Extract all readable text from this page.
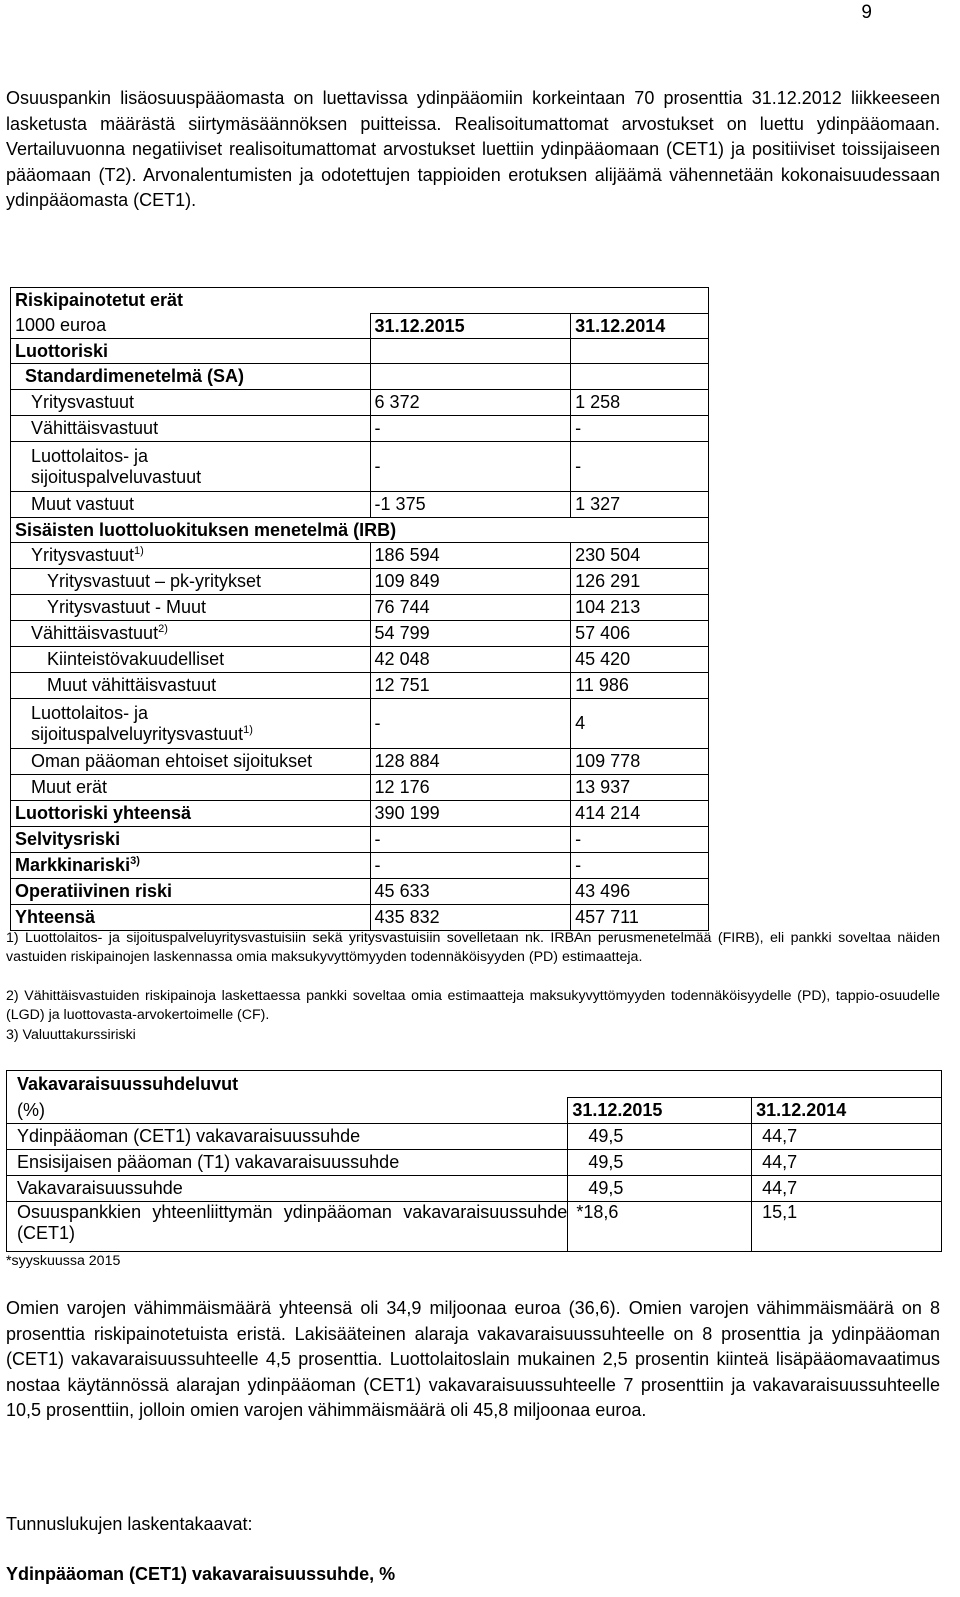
9

Osuuspankin lisäosuuspääomasta on luettavissa ydinpääomiin korkeintaan 70 prosenttia 31.12.2012 liikkeeseen lasketusta määrästä siirtymäsäännöksen puitteissa. Realisoitumattomat arvostukset on luettu ydinpääomaan. Vertailuvuonna negatiiviset realisoitumattomat arvostukset luettiin ydinpääomaan (CET1) ja positiiviset toissijaiseen pääomaan (T2). Arvonalentumisten ja odotettujen tappioiden erotuksen alijäämä vähennetään kokonaisuudessaan ydinpääomasta (CET1).

Riskipainotetut erät		
1000 euroa	31.12.2015	31.12.2014
Luottoriski		
Standardimenetelmä (SA)		
Yritysvastuut	6 372	1 258
Vähittäisvastuut	-	-

Luottolaitos- ja sijoituspalveluvastuut	-	-
Muut vastuut	-1 375	1 327
Sisäisten luottoluokituksen menetelmä (IRB)		
Yritysvastuut$^{1)}$	186 594	230 504
Yritysvastuut – pk-yritykset	109 849	126 291
Yritysvastuut - Muut	76 744	104 213
Vähittäisvastuut$^{2)}$	54 799	57 406
Kiinteistövakuudelliset	42 048	45 420
Muut vähittäisvastuut	12 751	11 986
Luottolaitos- ja sijoituspalveluyritysvastuut$^{1)}$	-	4
Oman pääoman ehtoiset sijoitukset	128 884	109 778
Muut erät	12 176	13 937
Luottoriski yhteensä	390 199	414 214
Selvitysriski	-	-
Markkinariski$^{3)}$	-	-
Operatiivinen riski	45 633	43 496
Yhteensä	435 832	457 711

1) Luottolaitos- ja sijoituspalveluyritysvastuisiin sekä yritysvastuisiin sovelletaan nk. IRBAn perusmenetelmää (FIRB), eli pankki soveltaa näiden vastuiden riskipainojen laskennassa omia maksukyvyttömyyden todennäköisyyden (PD) estimaatteja.

2) Vähittäisvastuiden riskipainoja laskettaessa pankki soveltaa omia estimaatteja maksukyvyttömyyden todennäköisyydelle (PD), tappio-osuudelle (LGD) ja luottovasta-arvokertoimelle (CF).

3) Valuuttakurssiriski

Vakavaraisuussuhdeluvut		
(%)	31.12.2015	31.12.2014
Ydinpääoman (CET1) vakavaraisuussuhde	49,5	44,7
Ensisijaisen pääoman (T1) vakavaraisuussuhde	49,5	44,7
Vakavaraisuussuhde	49,5	44,7
Osuuspankkien yhteenliittymän ydinpääoman vakavaraisuussuhde (CET1)	*18,6	15,1
*syyskuussa 2015

Omien varojen vähimmäismäärä yhteensä oli 34,9 miljoonaa euroa (36,6). Omien varojen vähimmäismäärä on 8 prosenttia riskipainotetuista eristä. Lakisääteinen alaraja vakavaraisuussuhteelle on 8 prosenttia ja ydinpääoman (CET1) vakavaraisuussuhteelle 4,5 prosenttia. Luottolaitoslain mukainen 2,5 prosentin kiinteä lisäpääomavaatimus nostaa käytännössä alarajan ydinpääoman (CET1) vakavaraisuussuhteelle 7 prosenttiin ja vakavaraisuussuhteelle 10,5 prosenttiin, jolloin omien varojen vähimmäismäärä oli 45,8 miljoonaa euroa.

Tunnuslukujen laskentakaavat:
Ydinpääoman (CET1) vakavaraisuussuhde, %
